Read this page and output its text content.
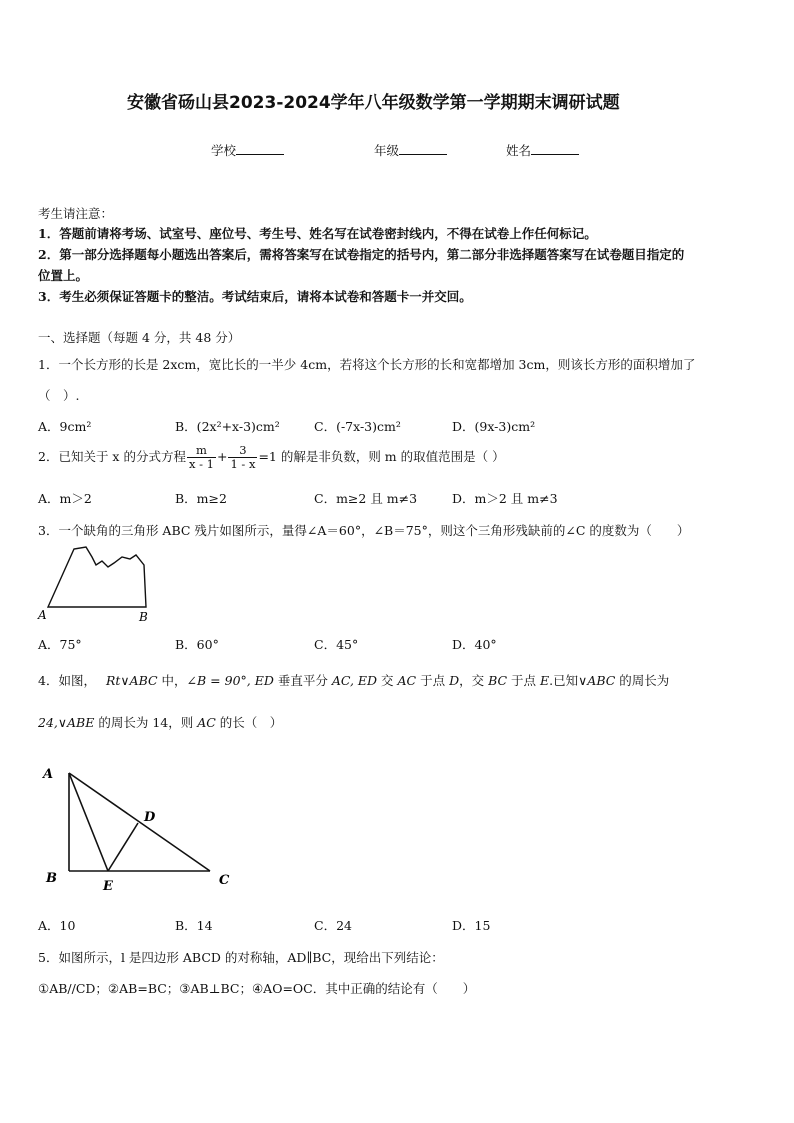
安徽省砀山县2023-2024学年八年级数学第一学期期末调研试题
学校	年级	姓名
考生请注意：
1．答题前请将考场、试室号、座位号、考生号、姓名写在试卷密封线内，不得在试卷上作任何标记。
2．第一部分选择题每小题选出答案后，需将答案写在试卷指定的括号内，第二部分非选择题答案写在试卷题目指定的
位置上。
3．考生必须保证答题卡的整洁。考试结束后，请将本试卷和答题卡一并交回。
一、选择题（每题 4 分，共 48 分）
1．一个长方形的长是 2xcm，宽比长的一半少 4cm，若将这个长方形的长和宽都增加 3cm，则该长方形的面积增加了
（　）.
A．9cm²	B．(2x²+x-3)cm²	C．(-7x-3)cm²	D．(9x-3)cm²
2．已知关于 x 的分式方程 $\frac{m}{x - 1} + \frac{3}{1 - x} =1$ 的解是非负数，则 m 的取值范围是（ ）
A．m＞2	B．m≥2	C．m≥2 且 m≠3	D．m＞2 且 m≠3
3．一个缺角的三角形 ABC 残片如图所示，量得∠A＝60°，∠B＝75°，则这个三角形残缺前的∠C 的度数为（　　）
A	B
A．75°	B．60°	C．45°	D．40°
4．如图， Rt∨ABC 中，∠B = 90°, ED 垂直平分 AC, ED 交 AC 于点 D，交 BC 于点 E.已知∨ABC 的周长为
24,∨ABE 的周长为 14，则 AC 的长（　）
A
B	C
D
E
A．10	B．14	C．24	D．15
5．如图所示，l 是四边形 ABCD 的对称轴，AD∥BC，现给出下列结论：
①AB//CD；②AB=BC；③AB⊥BC；④AO=OC．其中正确的结论有（　　）
